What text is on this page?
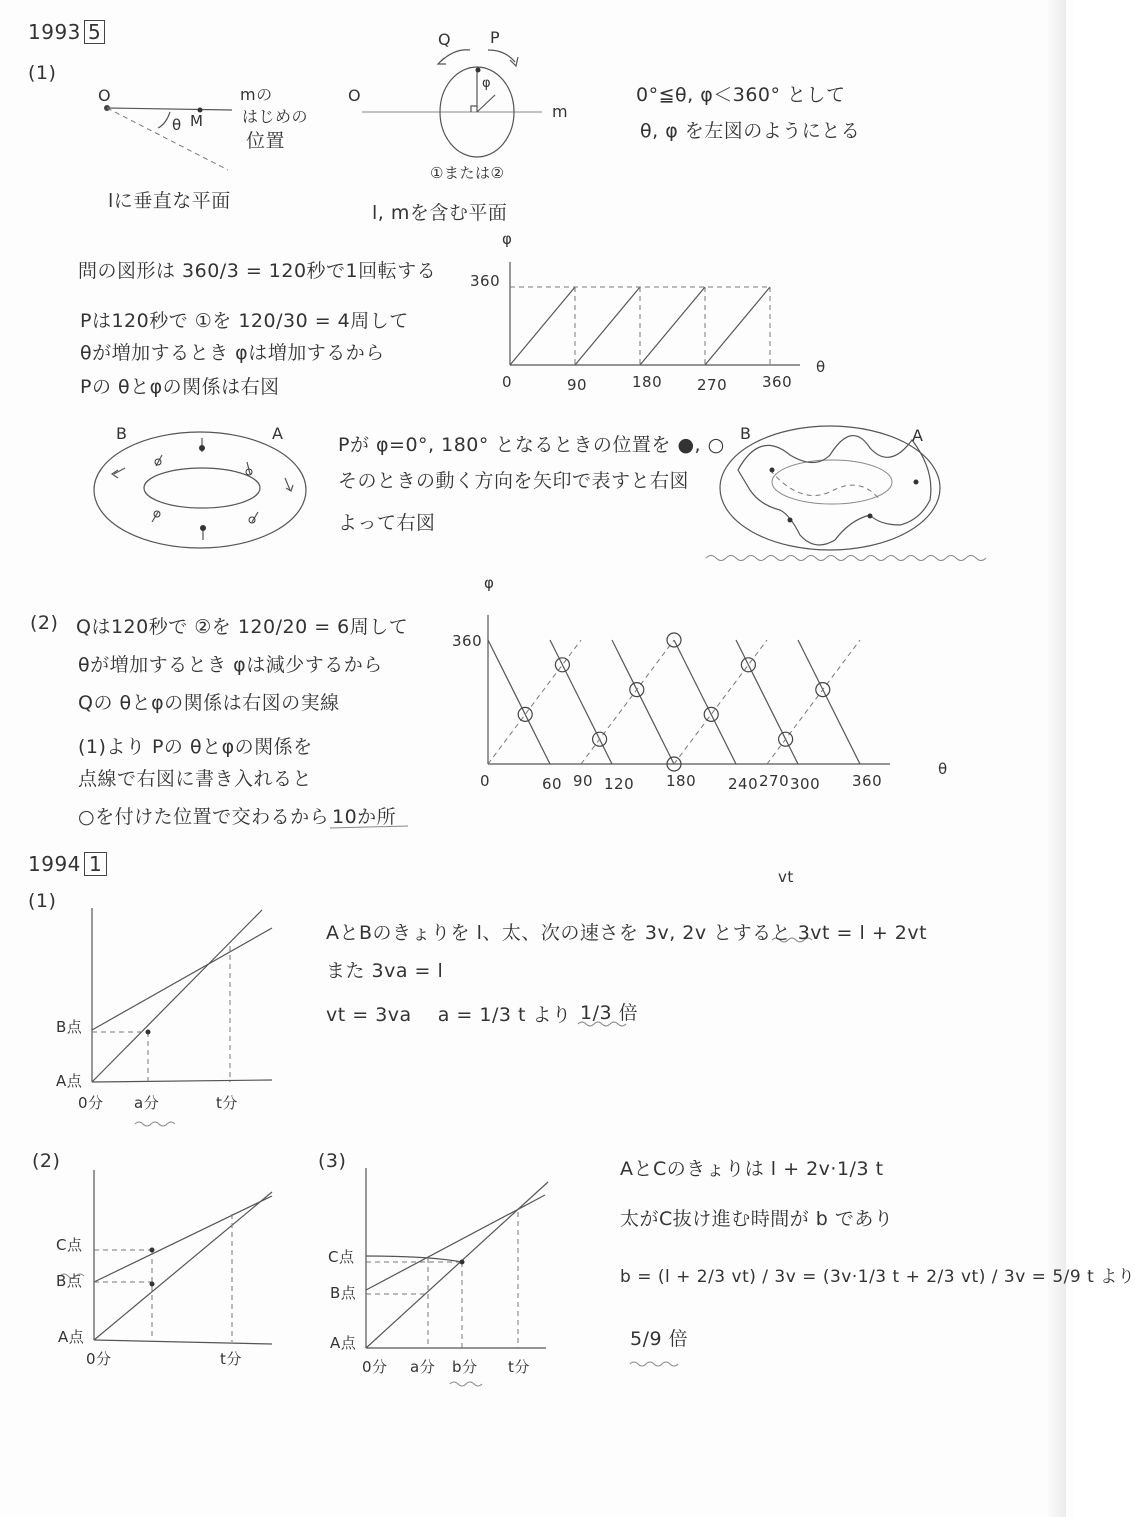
1993 5
(1)
O	mの
はじめの
位置
θ M
lに垂直な平面
Q P
O
m
φ
①または②
l, mを含む平面
0°≦θ, φ＜360° として
θ, φ を左図のようにとる
問の図形は 360/3 = 120秒で1回転する
Pは120秒で ①を 120/30 = 4周して
θが増加するとき φは増加するから
Pの θとφの関係は右図
φ
θ
360
0	90	180 270 360
B	A
Pが φ=0°, 180° となるときの位置を ●, ○
そのときの動く方向を矢印で表すと右図
よって右図
B	A
(2) Qは120秒で ②を 120/20 = 6周して
θが増加するとき φは減少するから
Qの θとφの関係は右図の実線
(1)より Pの θとφの関係を
点線で右図に書き入れると
○を付けた位置で交わるから 10か所
φ
θ
360
0	60 90 120 180 240 270 300 360
1994 1
(1)
B点
A点
0分 a分	t分
vt
AとBのきょりを l、太、次の速さを 3v, 2v とすると 3vt = l + 2vt
また 3va = l
vt = 3va　 a = 1/3 t より 1/3 倍
(2)
C点
B点
A点
0分	t分
(3)
C点
B点
A点
0分 a分 b分 t分
AとCのきょりは l + 2v·1/3 t
太がC抜け進む時間が b であり
b = (l + 2/3 vt) / 3v = (3v·1/3 t + 2/3 vt) / 3v = 5/9 t より
5/9 倍
